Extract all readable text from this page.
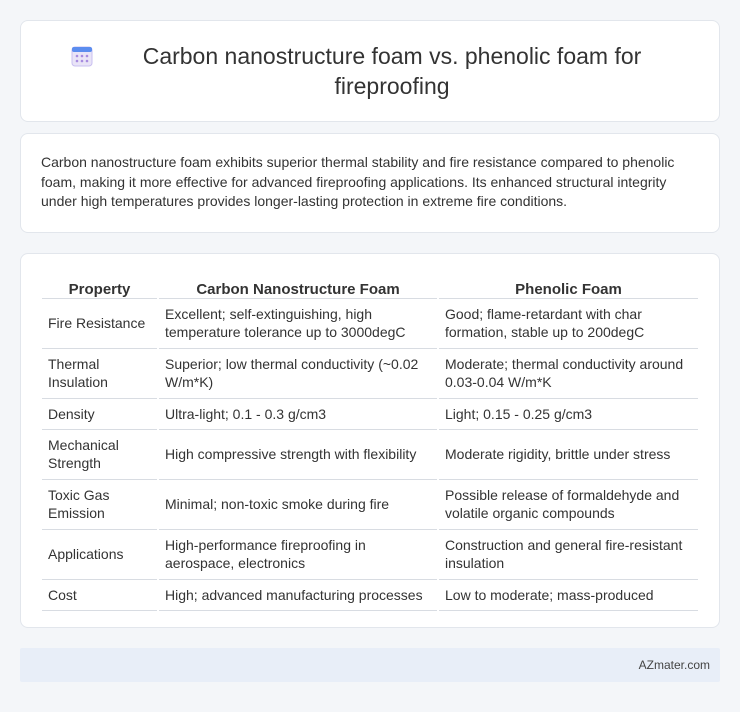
Carbon nanostructure foam vs. phenolic foam for fireproofing

Carbon nanostructure foam exhibits superior thermal stability and fire resistance compared to phenolic foam, making it more effective for advanced fireproofing applications. Its enhanced structural integrity under high temperatures provides longer-lasting protection in extreme fire conditions.

Property	Carbon Nanostructure Foam	Phenolic Foam
Fire Resistance	Excellent; self-extinguishing, high temperature tolerance up to 3000degC	Good; flame-retardant with char formation, stable up to 200degC
Thermal Insulation	Superior; low thermal conductivity (~0.02 W/m*K)	Moderate; thermal conductivity around 0.03-0.04 W/m*K
Density	Ultra-light; 0.1 - 0.3 g/cm3	Light; 0.15 - 0.25 g/cm3
Mechanical Strength	High compressive strength with flexibility	Moderate rigidity, brittle under stress
Toxic Gas Emission	Minimal; non-toxic smoke during fire	Possible release of formaldehyde and volatile organic compounds
Applications	High-performance fireproofing in aerospace, electronics	Construction and general fire-resistant insulation
Cost	High; advanced manufacturing processes	Low to moderate; mass-produced
AZmater.com
